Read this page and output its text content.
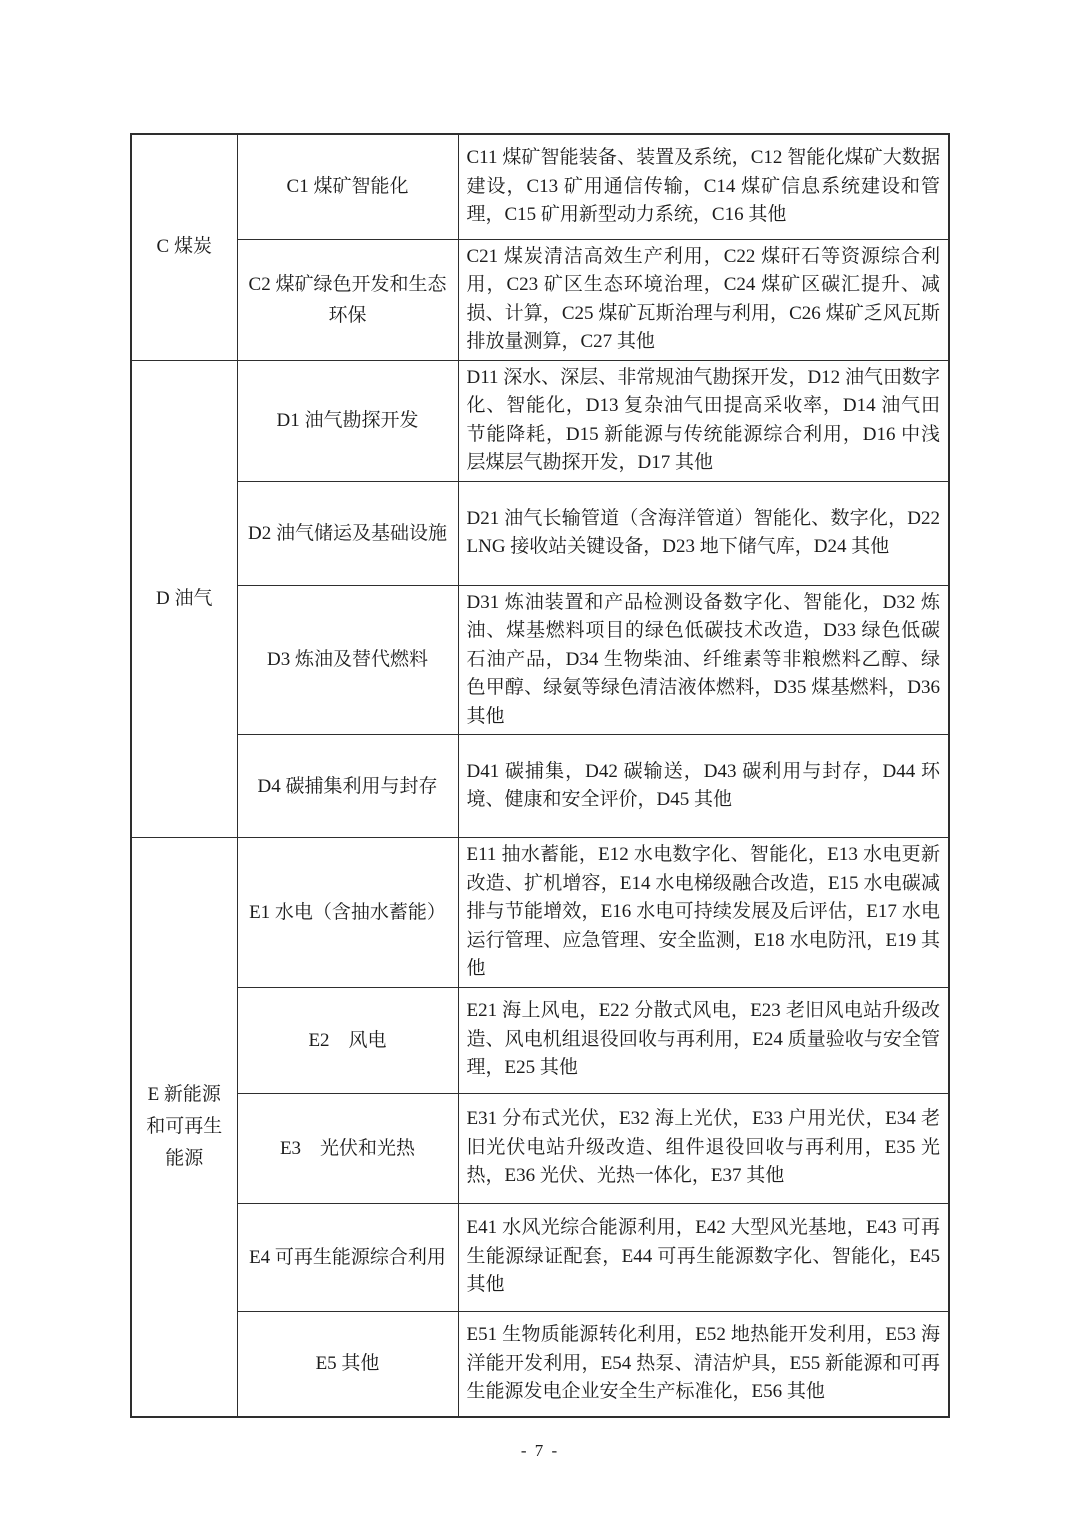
C 煤炭	C1 煤矿智能化	C11 煤矿智能装备、装置及系统，C12 智能化煤矿大数据建设，C13 矿用通信传输，C14 煤矿信息系统建设和管理，C15 矿用新型动力系统，C16 其他
	C2 煤矿绿色开发和生态环保	C21 煤炭清洁高效生产利用，C22 煤矸石等资源综合利用，C23 矿区生态环境治理，C24 煤矿区碳汇提升、减损、计算，C25 煤矿瓦斯治理与利用，C26 煤矿乏风瓦斯排放量测算，C27 其他
D 油气	D1 油气勘探开发	D11 深水、深层、非常规油气勘探开发，D12 油气田数字化、智能化，D13 复杂油气田提高采收率，D14 油气田节能降耗，D15 新能源与传统能源综合利用，D16 中浅层煤层气勘探开发，D17 其他
	D2 油气储运及基础设施	D21 油气长输管道（含海洋管道）智能化、数字化，D22 LNG 接收站关键设备，D23 地下储气库，D24 其他
	D3 炼油及替代燃料	D31 炼油装置和产品检测设备数字化、智能化，D32 炼油、煤基燃料项目的绿色低碳技术改造，D33 绿色低碳石油产品，D34 生物柴油、纤维素等非粮燃料乙醇、绿色甲醇、绿氨等绿色清洁液体燃料，D35 煤基燃料，D36 其他
	D4 碳捕集利用与封存	D41 碳捕集，D42 碳输送，D43 碳利用与封存，D44 环境、健康和安全评价，D45 其他
E 新能源和可再生能源	E1 水电（含抽水蓄能）	E11 抽水蓄能，E12 水电数字化、智能化，E13 水电更新改造、扩机增容，E14 水电梯级融合改造，E15 水电碳减排与节能增效，E16 水电可持续发展及后评估，E17 水电运行管理、应急管理、安全监测，E18 水电防汛，E19 其他
	E2　风电	E21 海上风电，E22 分散式风电，E23 老旧风电站升级改造、风电机组退役回收与再利用，E24 质量验收与安全管理，E25 其他
	E3　光伏和光热	E31 分布式光伏，E32 海上光伏，E33 户用光伏，E34 老旧光伏电站升级改造、组件退役回收与再利用，E35 光热，E36 光伏、光热一体化，E37 其他
	E4 可再生能源综合利用	E41 水风光综合能源利用，E42 大型风光基地，E43 可再生能源绿证配套，E44 可再生能源数字化、智能化，E45 其他
	E5 其他	E51 生物质能源转化利用，E52 地热能开发利用，E53 海洋能开发利用，E54 热泵、清洁炉具，E55 新能源和可再生能源发电企业安全生产标准化，E56 其他
- 7 -
